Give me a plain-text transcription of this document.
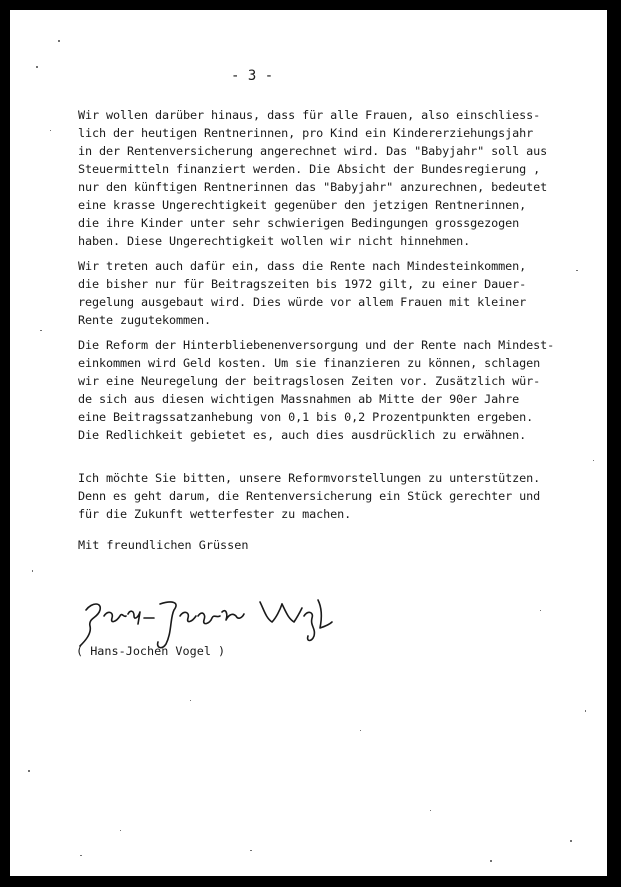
- 3 -

Wir wollen darüber hinaus, dass für alle Frauen, also einschliess-
lich der heutigen Rentnerinnen, pro Kind ein Kindererziehungsjahr
in der Rentenversicherung angerechnet wird. Das "Babyjahr" soll aus
Steuermitteln finanziert werden. Die Absicht der Bundesregierung ,
nur den künftigen Rentnerinnen das "Babyjahr" anzurechnen, bedeutet
eine krasse Ungerechtigkeit gegenüber den jetzigen Rentnerinnen,
die ihre Kinder unter sehr schwierigen Bedingungen grossgezogen
haben. Diese Ungerechtigkeit wollen wir nicht hinnehmen.

Wir treten auch dafür ein, dass die Rente nach Mindesteinkommen,
die bisher nur für Beitragszeiten bis 1972 gilt, zu einer Dauer-
regelung ausgebaut wird. Dies würde vor allem Frauen mit kleiner
Rente zugutekommen.

Die Reform der Hinterbliebenenversorgung und der Rente nach Mindest-
einkommen wird Geld kosten. Um sie finanzieren zu können, schlagen
wir eine Neuregelung der beitragslosen Zeiten vor. Zusätzlich wür-
de sich aus diesen wichtigen Massnahmen ab Mitte der 90er Jahre
eine Beitragssatzanhebung von 0,1 bis 0,2 Prozentpunkten ergeben.
Die Redlichkeit gebietet es, auch dies ausdrücklich zu erwähnen.

Ich möchte Sie bitten, unsere Reformvorstellungen zu unterstützen.
Denn es geht darum, die Rentenversicherung ein Stück gerechter und
für die Zukunft wetterfester zu machen.

Mit freundlichen Grüssen
( Hans-Jochen Vogel )
